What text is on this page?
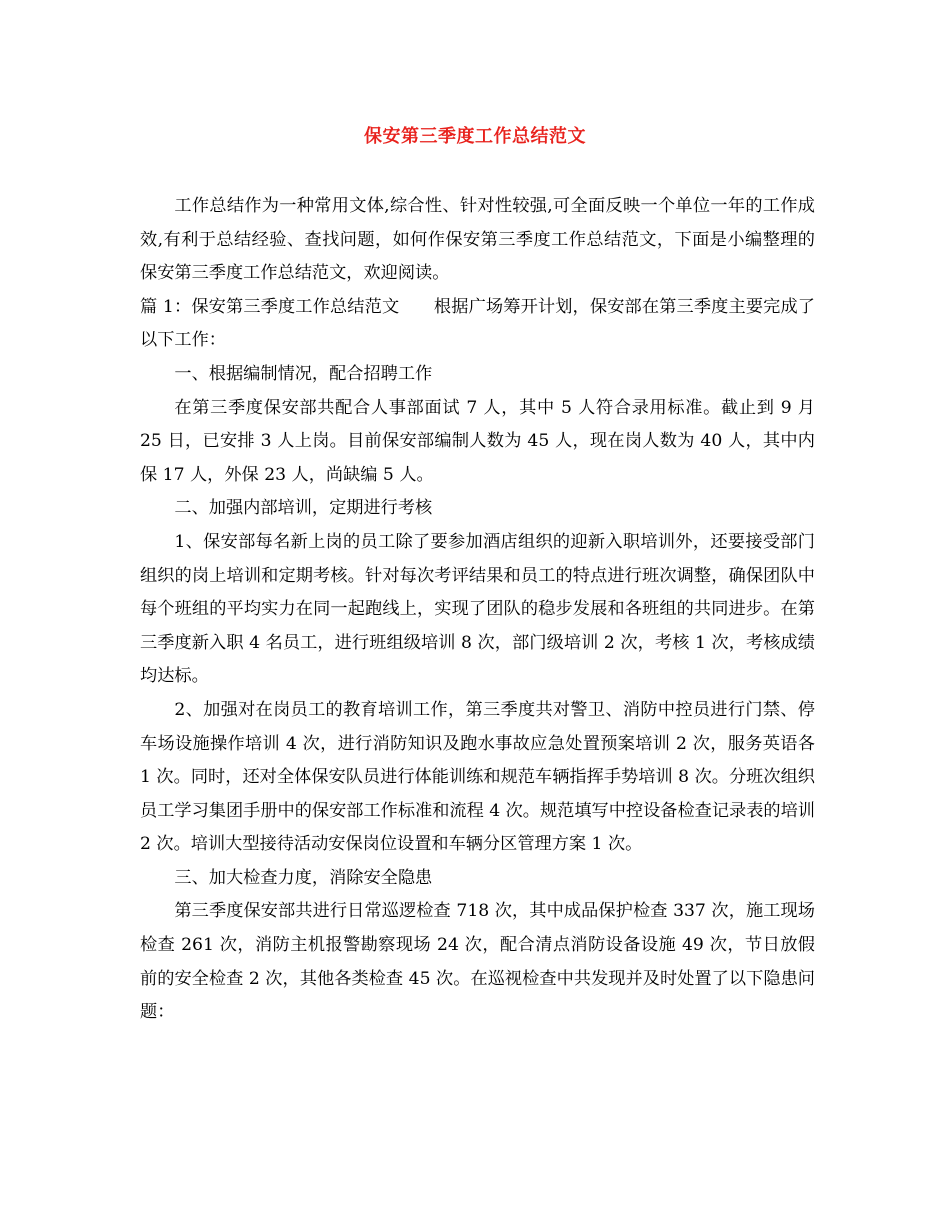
保安第三季度工作总结范文

工作总结作为一种常用文体,综合性、针对性较强,可全面反映一个单位一年的工作成效,有利于总结经验、查找问题，如何作保安第三季度工作总结范文，下面是小编整理的保安第三季度工作总结范文，欢迎阅读。

篇 1：保安第三季度工作总结范文　　根据广场筹开计划，保安部在第三季度主要完成了以下工作：

一、根据编制情况，配合招聘工作

在第三季度保安部共配合人事部面试 7 人，其中 5 人符合录用标准。截止到 9 月 25 日，已安排 3 人上岗。目前保安部编制人数为 45 人，现在岗人数为 40 人，其中内保 17 人，外保 23 人，尚缺编 5 人。

二、加强内部培训，定期进行考核

1、保安部每名新上岗的员工除了要参加酒店组织的迎新入职培训外，还要接受部门组织的岗上培训和定期考核。针对每次考评结果和员工的特点进行班次调整，确保团队中每个班组的平均实力在同一起跑线上，实现了团队的稳步发展和各班组的共同进步。在第三季度新入职 4 名员工，进行班组级培训 8 次，部门级培训 2 次，考核 1 次，考核成绩均达标。

2、加强对在岗员工的教育培训工作，第三季度共对警卫、消防中控员进行门禁、停车场设施操作培训 4 次，进行消防知识及跑水事故应急处置预案培训 2 次，服务英语各 1 次。同时，还对全体保安队员进行体能训练和规范车辆指挥手势培训 8 次。分班次组织员工学习集团手册中的保安部工作标准和流程 4 次。规范填写中控设备检查记录表的培训 2 次。培训大型接待活动安保岗位设置和车辆分区管理方案 1 次。

三、加大检查力度，消除安全隐患

第三季度保安部共进行日常巡逻检查 718 次，其中成品保护检查 337 次，施工现场检查 261 次，消防主机报警勘察现场 24 次，配合清点消防设备设施 49 次，节日放假前的安全检查 2 次，其他各类检查 45 次。在巡视检查中共发现并及时处置了以下隐患问题：
